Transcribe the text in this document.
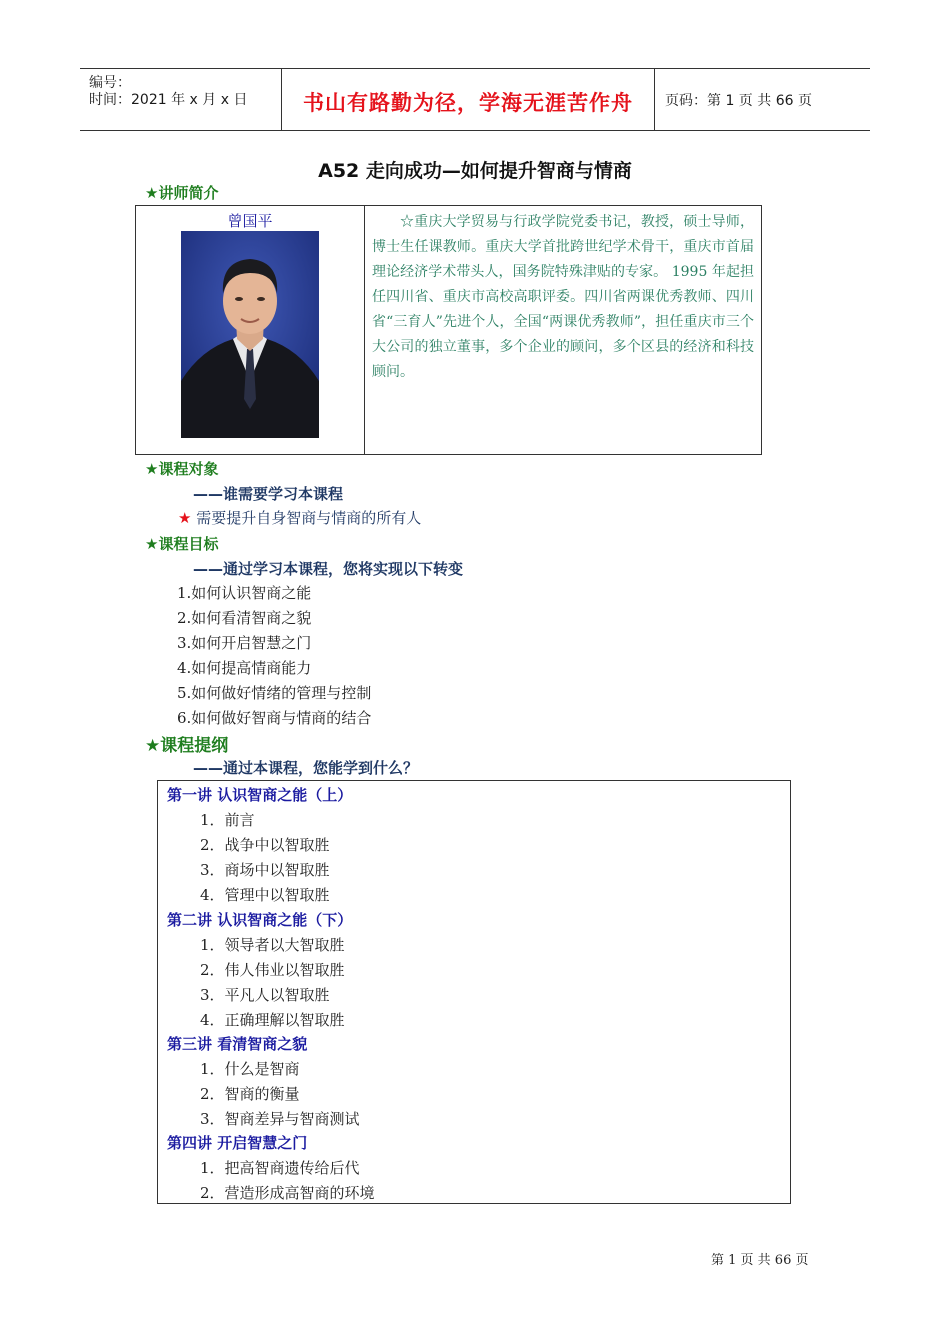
编号：
时间：2021 年 x 月 x 日	书山有路勤为径，学海无涯苦作舟	页码：第 1 页 共 66 页
A52 走向成功—如何提升智商与情商
★讲师简介
曾国平	☆重庆大学贸易与行政学院党委书记，教授，硕士导师，博士生任课教师。重庆大学首批跨世纪学术骨干，重庆市首届理论经济学术带头人，国务院特殊津贴的专家。 1995 年起担任四川省、重庆市高校高职评委。四川省两课优秀教师、四川省“三育人”先进个人，全国“两课优秀教师”，担任重庆市三个大公司的独立董事，多个企业的顾问，多个区县的经济和科技顾问。
★课程对象
——谁需要学习本课程
★ 需要提升自身智商与情商的所有人
★课程目标
——通过学习本课程，您将实现以下转变
1.如何认识智商之能
2.如何看清智商之貌
3.如何开启智慧之门
4.如何提高情商能力
5.如何做好情绪的管理与控制
6.如何做好智商与情商的结合
★课程提纲
——通过本课程，您能学到什么？
第一讲 认识智商之能（上）
1．前言
2．战争中以智取胜
3．商场中以智取胜
4．管理中以智取胜
第二讲 认识智商之能（下）
1．领导者以大智取胜
2．伟人伟业以智取胜
3．平凡人以智取胜
4．正确理解以智取胜
第三讲 看清智商之貌
1．什么是智商
2．智商的衡量
3．智商差异与智商测试
第四讲 开启智慧之门
1．把高智商遗传给后代
2．营造形成高智商的环境
第 1 页 共 66 页
